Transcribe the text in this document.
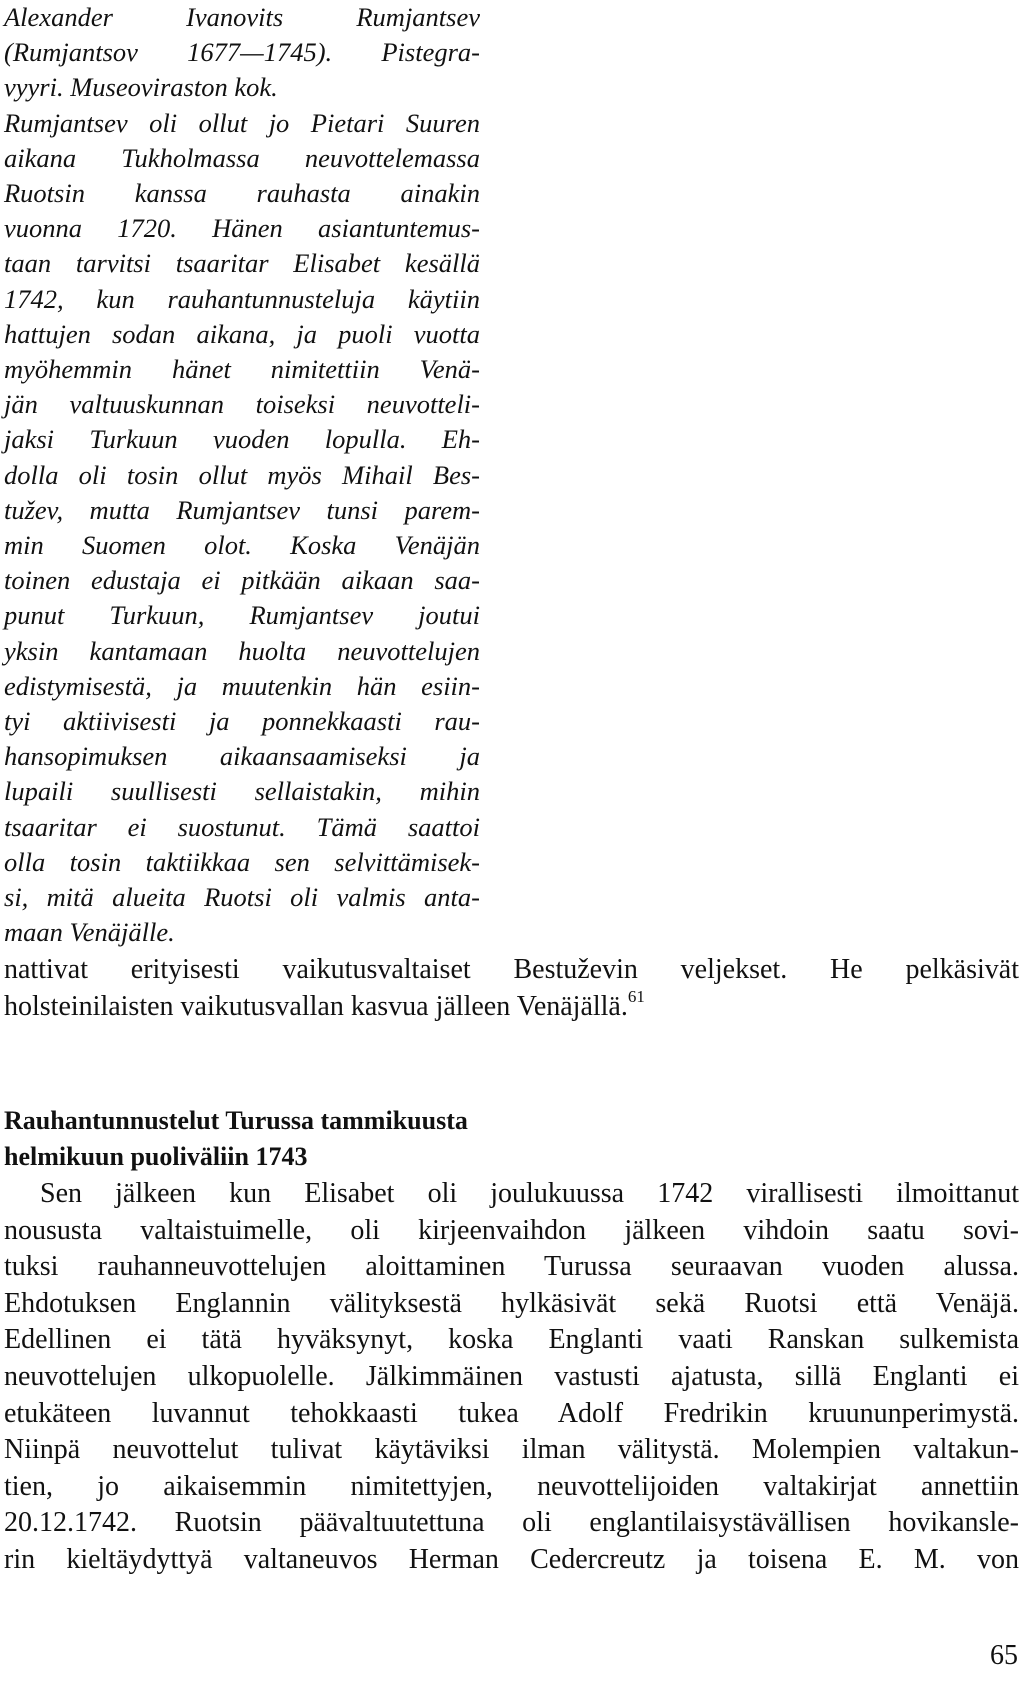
Alexander Ivanovits Rumjantsev
(Rumjantsov 1677—1745). Pistegra-
vyyri. Museoviraston kok.
Rumjantsev oli ollut jo Pietari Suuren
aikana Tukholmassa neuvottelemassa
Ruotsin kanssa rauhasta ainakin
vuonna 1720. Hänen asiantuntemus-
taan tarvitsi tsaaritar Elisabet kesällä
1742, kun rauhantunnusteluja käytiin
hattujen sodan aikana, ja puoli vuotta
myöhemmin hänet nimitettiin Venä-
jän valtuuskunnan toiseksi neuvotteli-
jaksi Turkuun vuoden lopulla. Eh-
dolla oli tosin ollut myös Mihail Bes-
tužev, mutta Rumjantsev tunsi parem-
min Suomen olot. Koska Venäjän
toinen edustaja ei pitkään aikaan saa-
punut Turkuun, Rumjantsev joutui
yksin kantamaan huolta neuvottelujen
edistymisestä, ja muutenkin hän esiin-
tyi aktiivisesti ja ponnekkaasti rau-
hansopimuksen aikaansaamiseksi ja
lupaili suullisesti sellaistakin, mihin
tsaaritar ei suostunut. Tämä saattoi
olla tosin taktiikkaa sen selvittämisek-
si, mitä alueita Ruotsi oli valmis anta-
maan Venäjälle.
nattivat erityisesti vaikutusvaltaiset Bestuževin veljekset. He pelkäsivät
holsteinilaisten vaikutusvallan kasvua jälleen Venäjällä.$^{61}$
Rauhantunnustelut Turussa tammikuusta
helmikuun puoliväliin 1743
Sen jälkeen kun Elisabet oli joulukuussa 1742 virallisesti ilmoittanut
noususta valtaistuimelle, oli kirjeenvaihdon jälkeen vihdoin saatu sovi-
tuksi rauhanneuvottelujen aloittaminen Turussa seuraavan vuoden alussa.
Ehdotuksen Englannin välityksestä hylkäsivät sekä Ruotsi että Venäjä.
Edellinen ei tätä hyväksynyt, koska Englanti vaati Ranskan sulkemista
neuvottelujen ulkopuolelle. Jälkimmäinen vastusti ajatusta, sillä Englanti ei
etukäteen luvannut tehokkaasti tukea Adolf Fredrikin kruununperimystä.
Niinpä neuvottelut tulivat käytäviksi ilman välitystä. Molempien valtakun-
tien, jo aikaisemmin nimitettyjen, neuvottelijoiden valtakirjat annettiin
20.12.1742. Ruotsin päävaltuutettuna oli englantilaisystävällisen hovikansle-
rin kieltäydyttyä valtaneuvos Herman Cedercreutz ja toisena E. M. von
65
